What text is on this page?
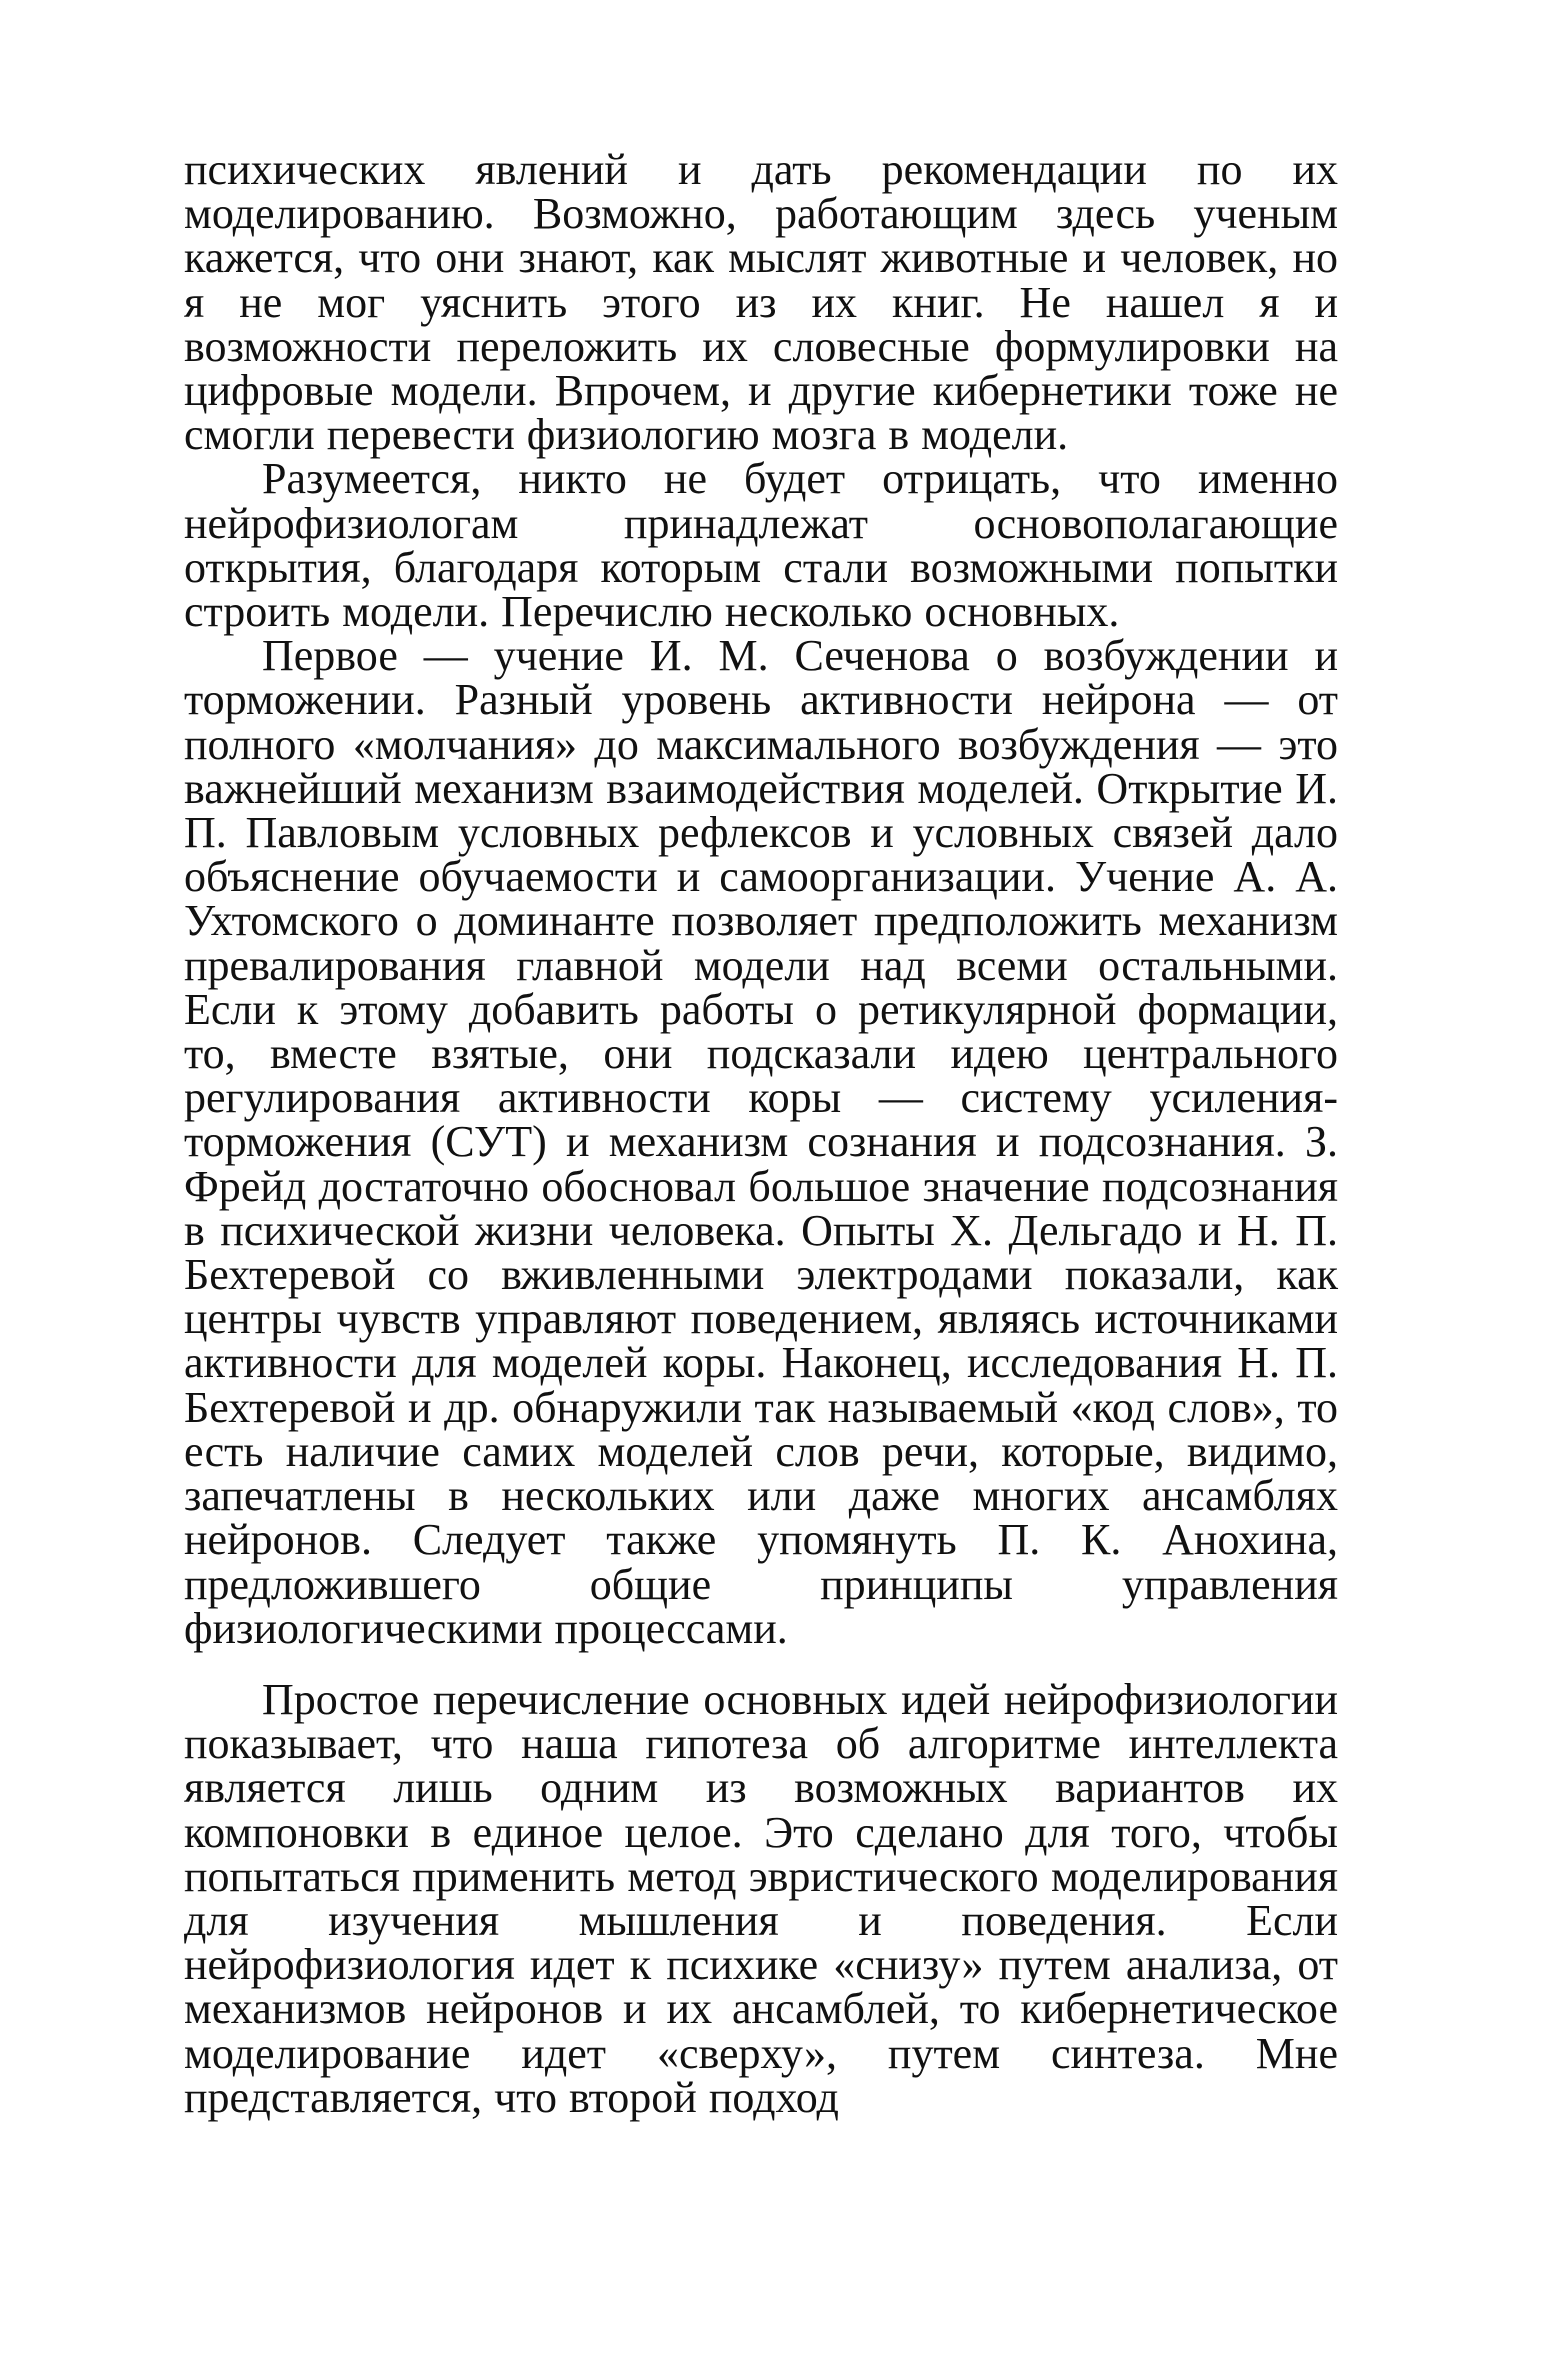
психических явлений и дать рекомендации по их моделированию. Возможно, работающим здесь ученым кажется, что они знают, как мыслят животные и человек, но я не мог уяснить этого из их книг. Не нашел я и возможности переложить их словесные формулировки на цифровые модели. Впрочем, и другие кибернетики тоже не смогли перевести физиологию мозга в модели.

Разумеется, никто не будет отрицать, что именно нейрофизиологам принадлежат основополагающие открытия, благодаря которым стали возможными попытки строить модели. Перечислю несколько основных.

Первое — учение И. М. Сеченова о возбуждении и торможении. Разный уровень активности нейрона — от полного «молчания» до максимального возбуждения — это важнейший механизм взаимодействия моделей. Открытие И. П. Павловым условных рефлексов и условных связей дало объяснение обучаемости и самоорганизации. Учение А. А. Ухтомского о доминанте позволяет предположить механизм превалирования главной модели над всеми остальными. Если к этому добавить работы о ретикулярной формации, то, вместе взятые, они подсказали идею центрального регулирования активности коры — систему усиления-торможения (СУТ) и механизм сознания и подсознания. З. Фрейд достаточно обосновал большое значение подсознания в психической жизни человека. Опыты Х. Дельгадо и Н. П. Бехтеревой со вживленными электродами показали, как центры чувств управляют поведением, являясь источниками активности для моделей коры. Наконец, исследования Н. П. Бехтеревой и др. обнаружили так называемый «код слов», то есть наличие самих моделей слов речи, которые, видимо, запечатлены в нескольких или даже многих ансамблях нейронов. Следует также упомянуть П. К. Анохина, предложившего общие принципы управления физиологическими процессами.

Простое перечисление основных идей нейрофизиологии показывает, что наша гипотеза об алгоритме интеллекта является лишь одним из возможных вариантов их компоновки в единое целое. Это сделано для того, чтобы попытаться применить метод эвристического моделирования для изучения мышления и поведения. Если нейрофизиология идет к психике «снизу» путем анализа, от механизмов нейронов и их ансамблей, то кибернетическое моделирование идет «сверху», путем синтеза. Мне представляется, что второй подход
